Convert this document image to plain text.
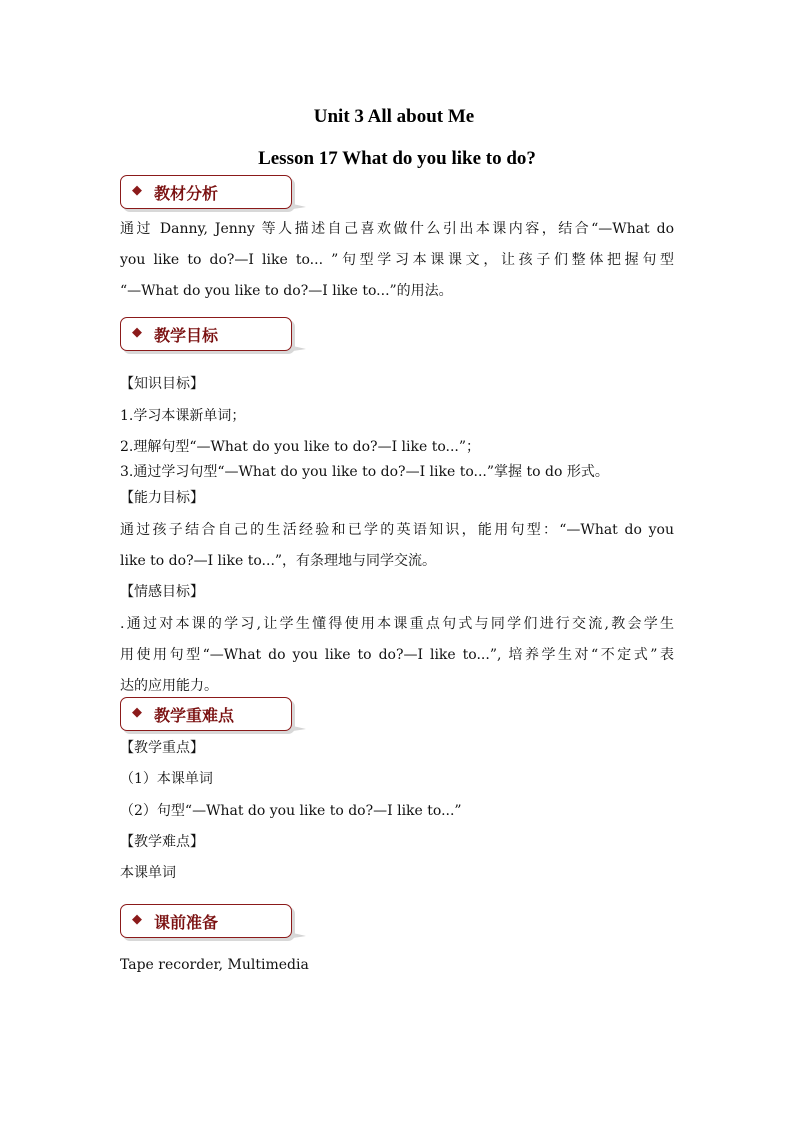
Unit 3 All about Me
Lesson 17 What do you like to do?
◆ 教材分析
通过 Danny, Jenny 等人描述自己喜欢做什么引出本课内容，结合“—What do
you like to do?—I like to... ”句型学习本课课文，让孩子们整体把握句型
“—What do you like to do?—I like to...”的用法。
◆ 教学目标
【知识目标】
1.学习本课新单词；
2.理解句型“—What do you like to do?—I like to...”；
3.通过学习句型“—What do you like to do?—I like to...”掌握 to do 形式。
【能力目标】
通过孩子结合自己的生活经验和已学的英语知识，能用句型：“—What do you
like to do?—I like to...”，有条理地与同学交流。
【情感目标】
.通过对本课的学习,让学生懂得使用本课重点句式与同学们进行交流,教会学生
用使用句型“—What do you like to do?—I like to...”, 培养学生对“不定式”表
达的应用能力。
◆ 教学重难点
【教学重点】
（1）本课单词
（2）句型“—What do you like to do?—I like to...”
【教学难点】
本课单词
◆ 课前准备
Tape recorder, Multimedia
